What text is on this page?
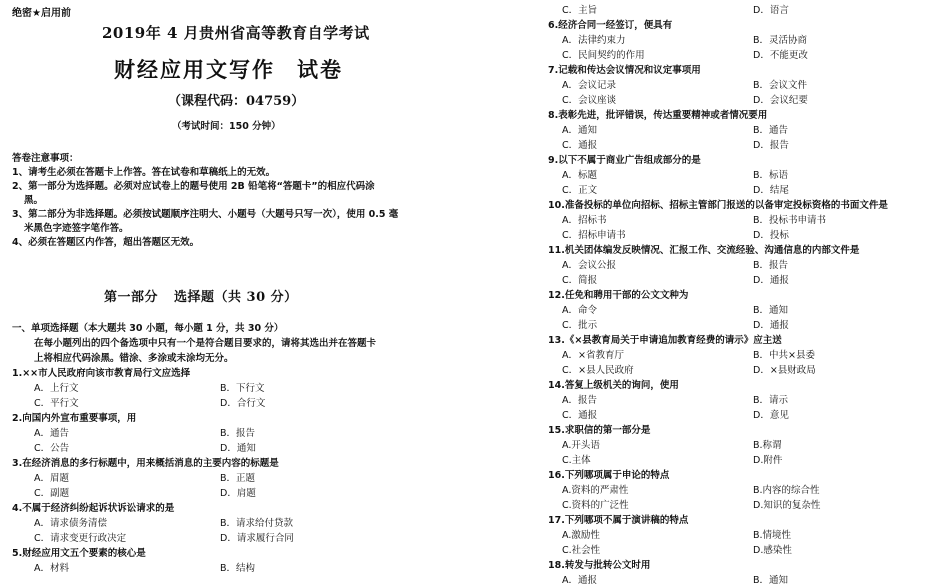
绝密★启用前
2019年 4 月贵州省高等教育自学考试
财经应用文写作 试卷
（课程代码：04759）
（考试时间：150 分钟）
答卷注意事项：
1、请考生必须在答题卡上作答。答在试卷和草稿纸上的无效。
2、第一部分为选择题。必须对应试卷上的题号使用 2B 铅笔将“答题卡”的相应代码涂
黑。
3、第二部分为非选择题。必须按试题顺序注明大、小题号（大题号只写一次），使用 0.5 毫
米黑色字迹签字笔作答。
4、必须在答题区内作答，超出答题区无效。
第一部分 选择题（共 30 分）
一、单项选择题（本大题共 30 小题，每小题 1 分，共 30 分）
在每小题列出的四个备选项中只有一个是符合题目要求的，请将其选出并在答题卡
上将相应代码涂黑。错涂、多涂或未涂均无分。
1.××市人民政府向该市教育局行文应选择
A．上行文	B．下行文
C．平行文	D．合行文
2.向国内外宣布重要事项，用
A．通告	B．报告
C．公告	D．通知
3.在经济消息的多行标题中，用来概括消息的主要内容的标题是
A．眉题	B．正题
C．副题	D．肩题
4.不属于经济纠纷起诉状诉讼请求的是
A．请求债务清偿	B．请求给付贷款
C．请求变更行政决定	D．请求履行合同
5.财经应用文五个要素的核心是
A．材料	B．结构
C．主旨	D．语言
6.经济合同一经签订，便具有
A．法律约束力	B．灵活协商
C．民间契约的作用	D．不能更改
7.记载和传达会议情况和议定事项用
A．会议记录	B．会议文件
C．会议座谈	D．会议纪要
8.表彰先进，批评错误，传达重要精神或者情况要用
A．通知	B．通告
C．通报	D．报告
9.以下不属于商业广告组成部分的是
A．标题	B．标语
C．正文	D．结尾
10.准备投标的单位向招标、招标主管部门报送的以备审定投标资格的书面文件是
A．招标书	B．投标书申请书
C．招标申请书	D．投标
11.机关团体编发反映情况、汇报工作、交流经验、沟通信息的内部文件是
A．会议公报	B．报告
C．简报	D．通报
12.任免和聘用干部的公文文种为
A．命令	B．通知
C．批示	D．通报
13.《×县教育局关于申请追加教育经费的请示》应主送
A．×省教育厅	B．中共×县委
C．×县人民政府	D．×县财政局
14.答复上级机关的询问，使用
A．报告	B．请示
C．通报	D．意见
15.求职信的第一部分是
A.开头语	B.称谓
C.主体	D.附件
16.下列哪项属于申论的特点
A.资料的严肃性	B.内容的综合性
C.资料的广泛性	D.知识的复杂性
17.下列哪项不属于演讲稿的特点
A.激励性	B.情境性
C.社会性	D.感染性
18.转发与批转公文时用
A．通报	B．通知
